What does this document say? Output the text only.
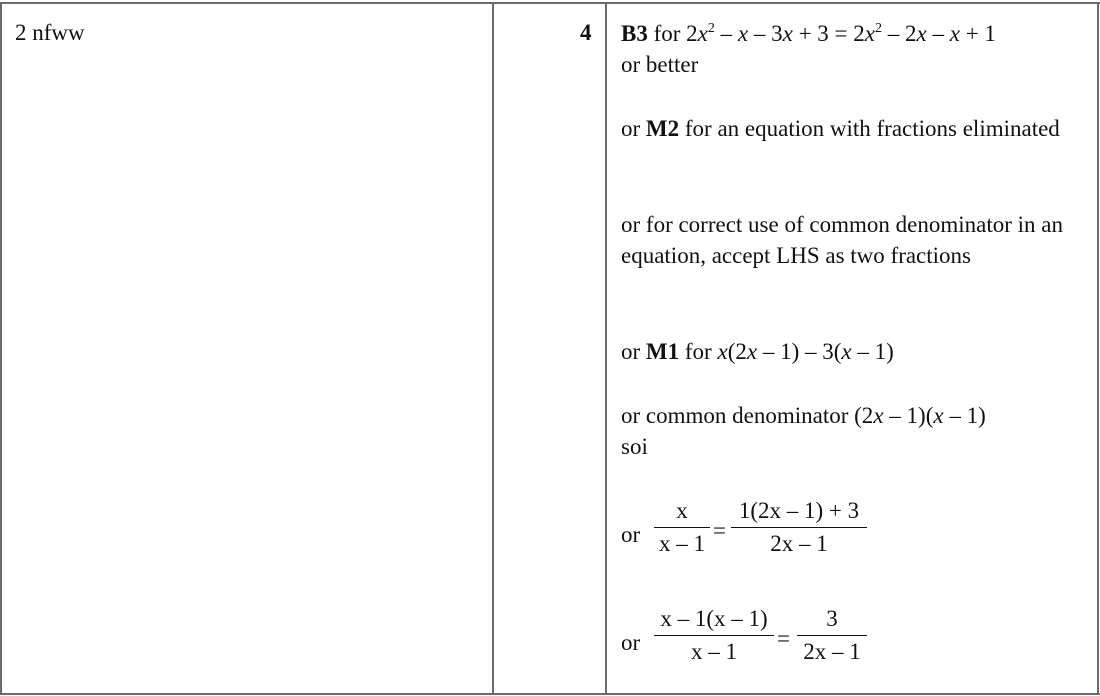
2 nfww	4 B3 for $2x^2 - x - 3x + 3 = 2x^2 - 2x - x + 1$
or better
or M2 for an equation with fractions eliminated
or for correct use of common denominator in an equation, accept LHS as two fractions
or M1 for x(2x – 1) – 3(x – 1)
or common denominator (2x – 1)(x – 1)
soi
or
x
x – 1
=
1(2x – 1) + 3
2x – 1
or
x – 1(x – 1)
x – 1
=
3
2x – 1
